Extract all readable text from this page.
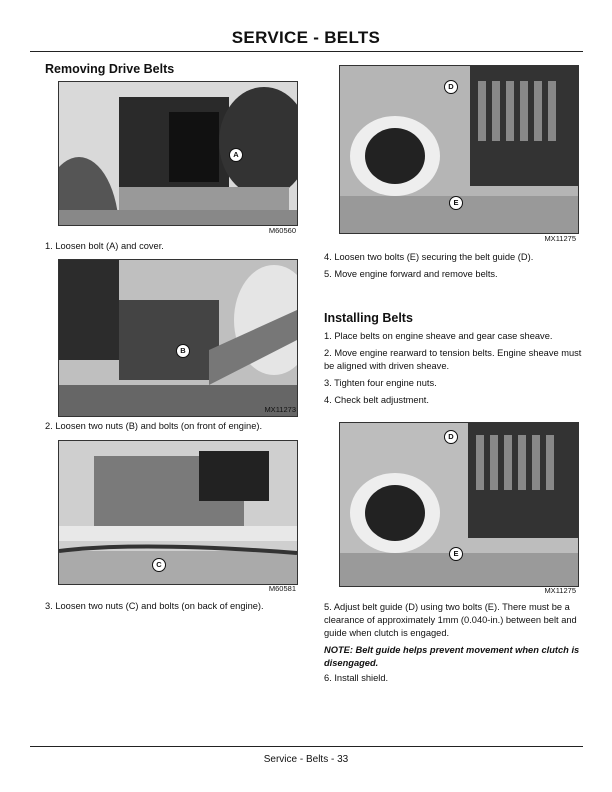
SERVICE - BELTS
Removing Drive Belts
A
M60560
1. Loosen bolt (A) and cover.
B
MX11273
2. Loosen two nuts (B) and bolts (on front of engine).
C
M60581
3. Loosen two nuts (C) and bolts (on back of engine).
D
E
MX11275
4. Loosen two bolts (E) securing the belt guide (D).
5. Move engine forward and remove belts.
Installing Belts
1. Place belts on engine sheave and gear case sheave.
2. Move engine rearward to tension belts. Engine sheave must be aligned with driven sheave.
3. Tighten four engine nuts.
4. Check belt adjustment.
D
E
MX11275
5. Adjust belt guide (D) using two bolts (E). There must be a clearance of approximately 1mm (0.040-in.) between belt and guide when clutch is engaged.
NOTE: Belt guide helps prevent movement when clutch is disengaged.
6. Install shield.
Service - Belts - 33
